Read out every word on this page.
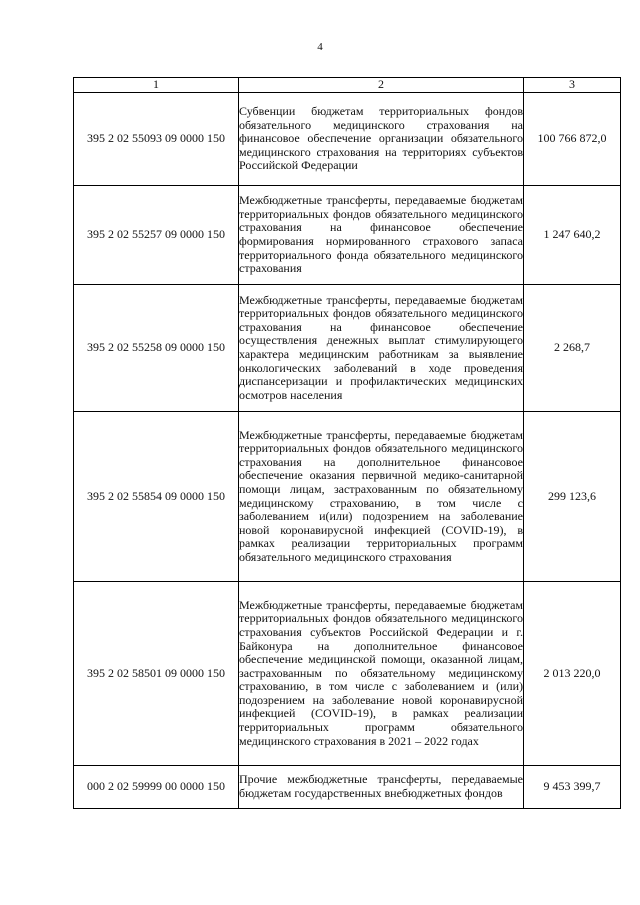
4
1	2	3
395 2 02 55093 09 0000 150	Субвенции бюджетам территориальных фондов обязательного медицинского страхования на финансовое обеспечение организации обязательного медицинского страхования на территориях субъектов Российской Федерации	100 766 872,0
395 2 02 55257 09 0000 150	Межбюджетные трансферты, передаваемые бюджетам территориальных фондов обязательного медицинского страхования на финансовое обеспечение формирования нормированного страхового запаса территориального фонда обязательного медицинского страхования	1 247 640,2
395 2 02 55258 09 0000 150	Межбюджетные трансферты, передаваемые бюджетам территориальных фондов обязательного медицинского страхования на финансовое обеспечение осуществления денежных выплат стимулирующего характера медицинским работникам за выявление онкологических заболеваний в ходе проведения диспансеризации и профилактических медицинских осмотров населения	2 268,7
395 2 02 55854 09 0000 150	Межбюджетные трансферты, передаваемые бюджетам территориальных фондов обязательного медицинского страхования на дополнительное финансовое обеспечение оказания первичной медико-санитарной помощи лицам, застрахованным по обязательному медицинскому страхованию, в том числе с заболеванием и(или) подозрением на заболевание новой коронавирусной инфекцией (COVID-19), в рамках реализации территориальных программ обязательного медицинского страхования	299 123,6
395 2 02 58501 09 0000 150	Межбюджетные трансферты, передаваемые бюджетам территориальных фондов обязательного медицинского страхования субъектов Российской Федерации и г. Байконура на дополнительное финансовое обеспечение медицинской помощи, оказанной лицам, застрахованным по обязательному медицинскому страхованию, в том числе с заболеванием и (или) подозрением на заболевание новой коронавирусной инфекцией (COVID-19), в рамках реализации территориальных программ обязательного медицинского страхования в 2021 – 2022 годах	2 013 220,0
000 2 02 59999 00 0000 150	Прочие межбюджетные трансферты, передаваемые бюджетам государственных внебюджетных фондов	9 453 399,7
